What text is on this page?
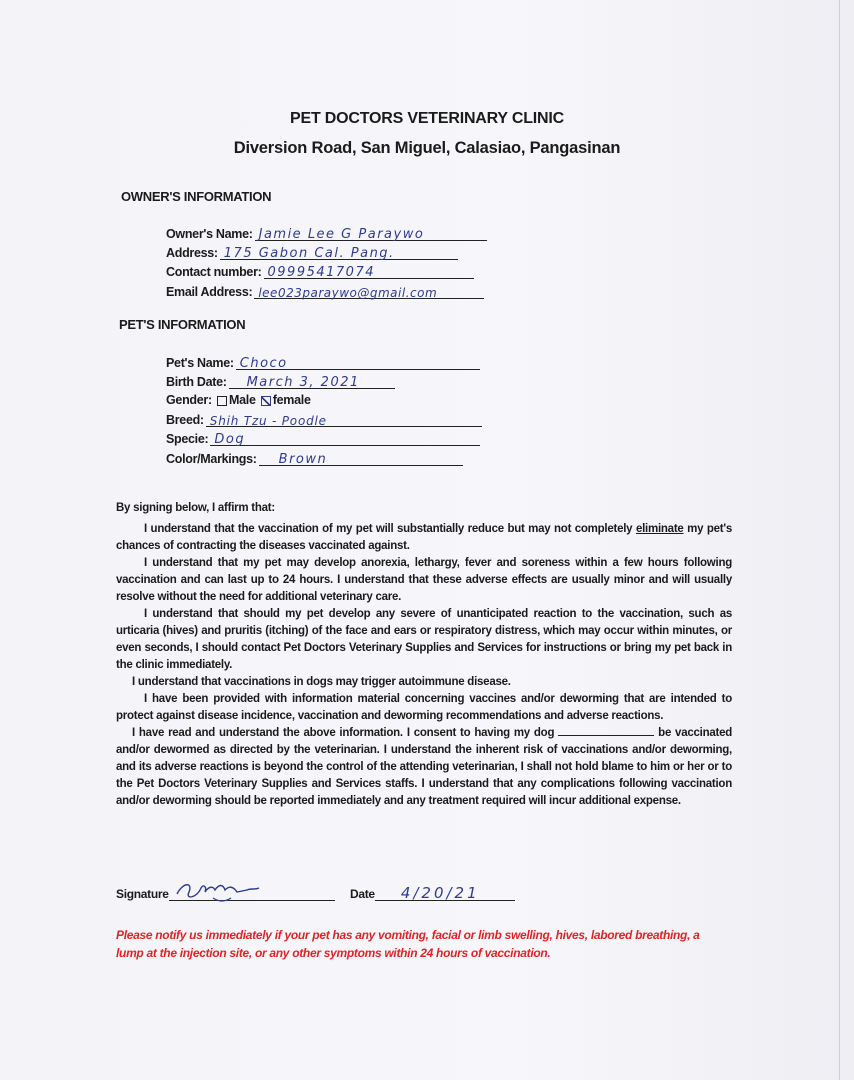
PET DOCTORS VETERINARY CLINIC
Diversion Road, San Miguel, Calasiao, Pangasinan
OWNER'S INFORMATION
Owner's Name: Jamie Lee G Paraywo
Address: 175 Gabon Cal. Pang.
Contact number: 09995417074
Email Address: lee023paraywo@gmail.com
PET'S INFORMATION
Pet's Name: Choco
Birth Date: March 3, 2021
Gender: Male female
Breed: Shih Tzu - Poodle
Specie: Dog
Color/Markings: Brown

By signing below, I affirm that:

I understand that the vaccination of my pet will substantially reduce but may not completely eliminate my pet's chances of contracting the diseases vaccinated against.

I understand that my pet may develop anorexia, lethargy, fever and soreness within a few hours following vaccination and can last up to 24 hours. I understand that these adverse effects are usually minor and will usually resolve without the need for additional veterinary care.

I understand that should my pet develop any severe of unanticipated reaction to the vaccination, such as urticaria (hives) and pruritis (itching) of the face and ears or respiratory distress, which may occur within minutes, or even seconds, I should contact Pet Doctors Veterinary Supplies and Services for instructions or bring my pet back in the clinic immediately.

I understand that vaccinations in dogs may trigger autoimmune disease.

I have been provided with information material concerning vaccines and/or deworming that are intended to protect against disease incidence, vaccination and deworming recommendations and adverse reactions.

I have read and understand the above information. I consent to having my dog	be vaccinated and/or dewormed as directed by the veterinarian. I understand the inherent risk of vaccinations and/or deworming, and its adverse reactions is beyond the control of the attending veterinarian, I shall not hold blame to him or her or to the Pet Doctors Veterinary Supplies and Services staffs. I understand that any complications following vaccination and/or deworming should be reported immediately and any treatment required will incur additional expense.

Signature	Date 4/20/21
Please notify us immediately if your pet has any vomiting, facial or limb swelling, hives, labored breathing, a lump at the injection site, or any other symptoms within 24 hours of vaccination.
